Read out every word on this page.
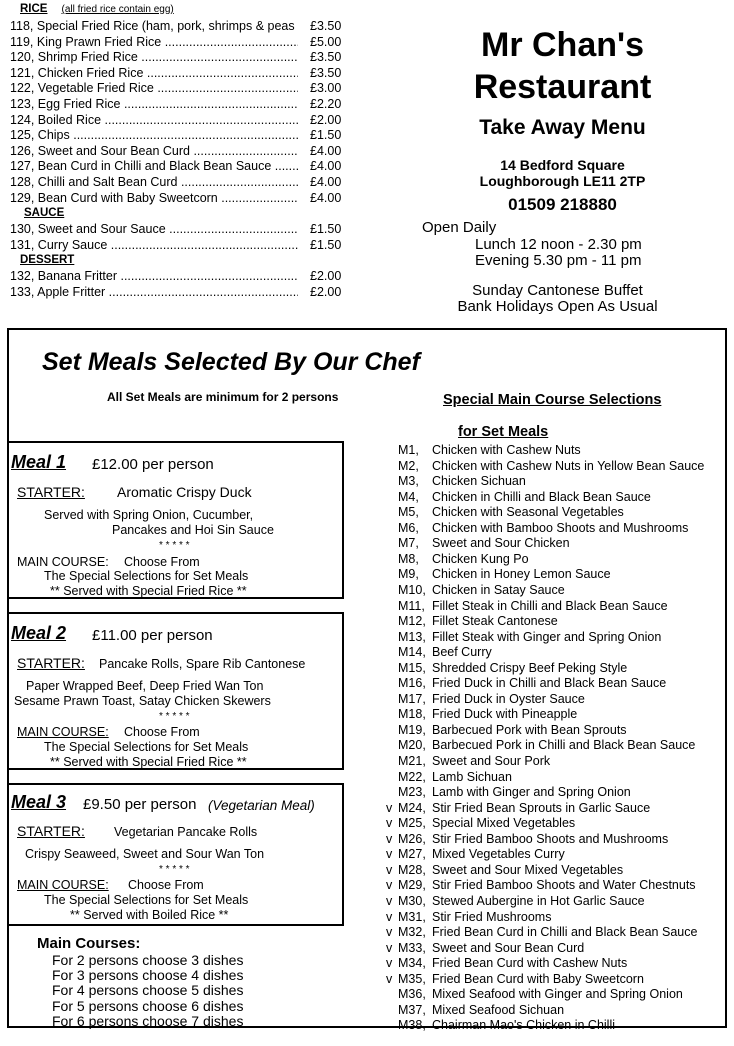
RICE (all fried rice contain egg)
118, Special Fried Rice (ham, pork, shrimps & peas ..... £3.50
119, King Prawn Fried Rice .....	£5.00
120, Shrimp Fried Rice .....	£3.50
121, Chicken Fried Rice .....	£3.50
122, Vegetable Fried Rice .....	£3.00
123, Egg Fried Rice .....	£2.20
124, Boiled Rice .....	£2.00
125, Chips .....	£1.50
126, Sweet and Sour Bean Curd .....	£4.00
127, Bean Curd in Chilli and Black Bean Sauce .....	£4.00
128, Chilli and Salt Bean Curd .....	£4.00
129, Bean Curd with Baby Sweetcorn .....	£4.00
SAUCE
130, Sweet and Sour Sauce .....	£1.50
131, Curry Sauce .....	£1.50
DESSERT
132, Banana Fritter .....	£2.00
133, Apple Fritter .....	£2.00
Mr Chan's
Restaurant
Take Away Menu
14 Bedford Square
Loughborough LE11 2TP
01509 218880
Open Daily
Lunch 12 noon - 2.30 pm
Evening 5.30 pm - 11 pm
Sunday Cantonese Buffet
Bank Holidays Open As Usual
Set Meals Selected By Our Chef
All Set Meals are minimum for 2 persons
Meal 1 £12.00 per person
STARTER: Aromatic Crispy Duck
Served with Spring Onion, Cucumber,
Pancakes and Hoi Sin Sauce
* * * * *
MAIN COURSE: Choose From
The Special Selections for Set Meals
** Served with Special Fried Rice **
Meal 2 £11.00 per person
STARTER: Pancake Rolls, Spare Rib Cantonese
Paper Wrapped Beef, Deep Fried Wan Ton
Sesame Prawn Toast, Satay Chicken Skewers
* * * * *
MAIN COURSE: Choose From
The Special Selections for Set Meals
** Served with Special Fried Rice **
Meal 3 £9.50 per person (Vegetarian Meal)
STARTER: Vegetarian Pancake Rolls
Crispy Seaweed, Sweet and Sour Wan Ton
* * * * *
MAIN COURSE: Choose From
The Special Selections for Set Meals
** Served with Boiled Rice **
Main Courses:
For 2 persons choose 3 dishes
For 3 persons choose 4 dishes
For 4 persons choose 5 dishes
For 5 persons choose 6 dishes
For 6 persons choose 7 dishes
Special Main Course Selections
for Set Meals
M1, Chicken with Cashew Nuts
M2, Chicken with Cashew Nuts in Yellow Bean Sauce
M3, Chicken Sichuan
M4, Chicken in Chilli and Black Bean Sauce
M5, Chicken with Seasonal Vegetables
M6, Chicken with Bamboo Shoots and Mushrooms
M7, Sweet and Sour Chicken
M8, Chicken Kung Po
M9, Chicken in Honey Lemon Sauce
M10, Chicken in Satay Sauce
M11, Fillet Steak in Chilli and Black Bean Sauce
M12, Fillet Steak Cantonese
M13, Fillet Steak with Ginger and Spring Onion
M14, Beef Curry
M15, Shredded Crispy Beef Peking Style
M16, Fried Duck in Chilli and Black Bean Sauce
M17, Fried Duck in Oyster Sauce
M18, Fried Duck with Pineapple
M19, Barbecued Pork with Bean Sprouts
M20, Barbecued Pork in Chilli and Black Bean Sauce
M21, Sweet and Sour Pork
M22, Lamb Sichuan
M23, Lamb with Ginger and Spring Onion
v M24, Stir Fried Bean Sprouts in Garlic Sauce
v M25, Special Mixed Vegetables
v M26, Stir Fried Bamboo Shoots and Mushrooms
v M27, Mixed Vegetables Curry
v M28, Sweet and Sour Mixed Vegetables
v M29, Stir Fried Bamboo Shoots and Water Chestnuts
v M30, Stewed Aubergine in Hot Garlic Sauce
v M31, Stir Fried Mushrooms
v M32, Fried Bean Curd in Chilli and Black Bean Sauce
v M33, Sweet and Sour Bean Curd
v M34, Fried Bean Curd with Cashew Nuts
v M35, Fried Bean Curd with Baby Sweetcorn
M36, Mixed Seafood with Ginger and Spring Onion
M37, Mixed Seafood Sichuan
M38, Chairman Mao's Chicken in Chilli
